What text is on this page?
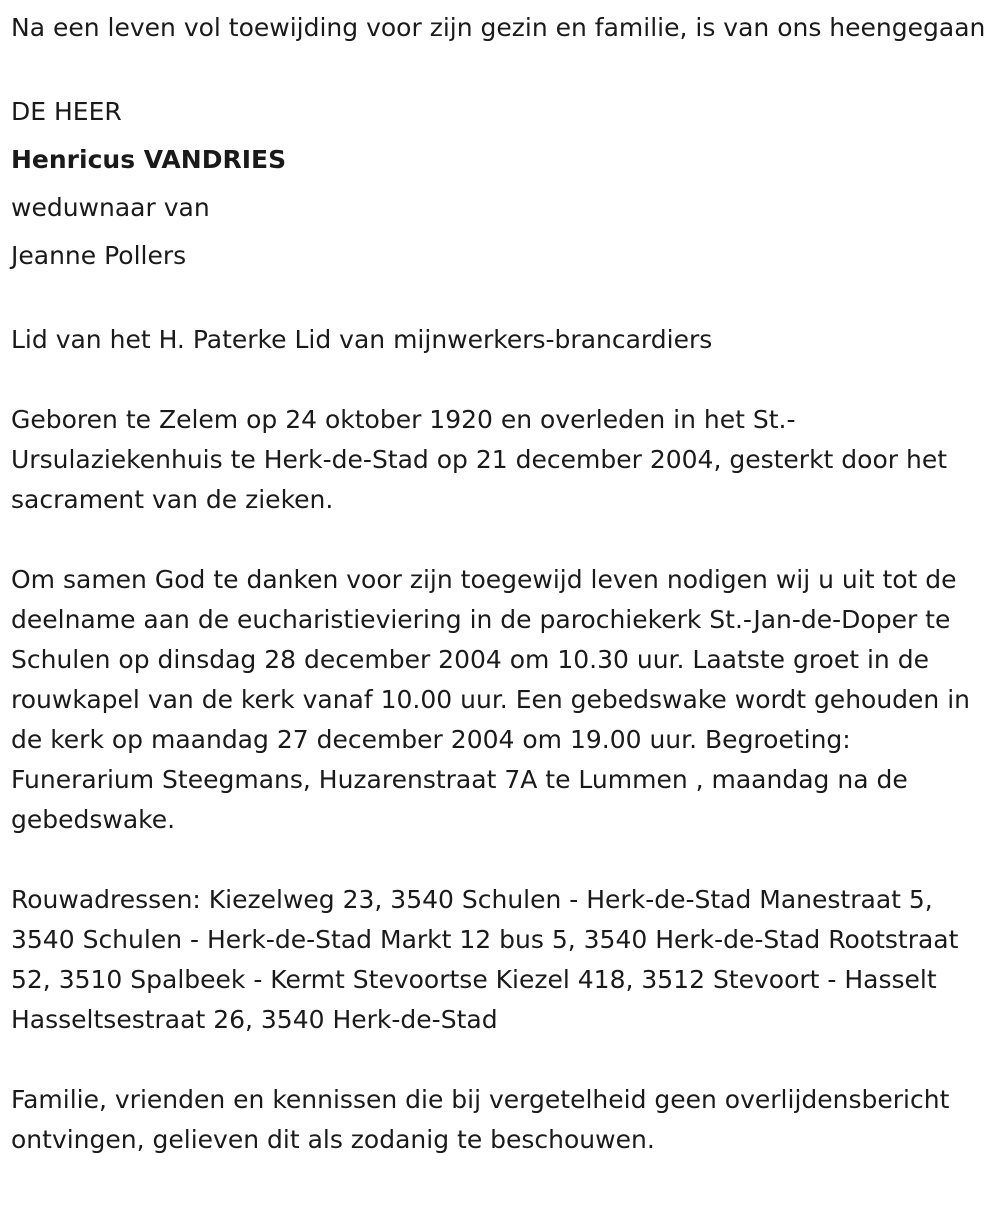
Na een leven vol toewijding voor zijn gezin en familie, is van ons heengegaan

DE HEER

Henricus VANDRIES

weduwnaar van

Jeanne Pollers

Lid van het H. Paterke Lid van mijnwerkers-brancardiers

Geboren te Zelem op 24 oktober 1920 en overleden in het St.-Ursulaziekenhuis te Herk-de-Stad op 21 december 2004, gesterkt door het sacrament van de zieken.

Om samen God te danken voor zijn toegewijd leven nodigen wij u uit tot de deelname aan de eucharistieviering in de parochiekerk St.-Jan-de-Doper te Schulen op dinsdag 28 december 2004 om 10.30 uur. Laatste groet in de rouwkapel van de kerk vanaf 10.00 uur. Een gebedswake wordt gehouden in de kerk op maandag 27 december 2004 om 19.00 uur. Begroeting: Funerarium Steegmans, Huzarenstraat 7A te Lummen , maandag na de gebedswake.

Rouwadressen: Kiezelweg 23, 3540 Schulen - Herk-de-Stad Manestraat 5, 3540 Schulen - Herk-de-Stad Markt 12 bus 5, 3540 Herk-de-Stad Rootstraat 52, 3510 Spalbeek - Kermt Stevoortse Kiezel 418, 3512 Stevoort - Hasselt Hasseltsestraat 26, 3540 Herk-de-Stad

Familie, vrienden en kennissen die bij vergetelheid geen overlijdensbericht ontvingen, gelieven dit als zodanig te beschouwen.
